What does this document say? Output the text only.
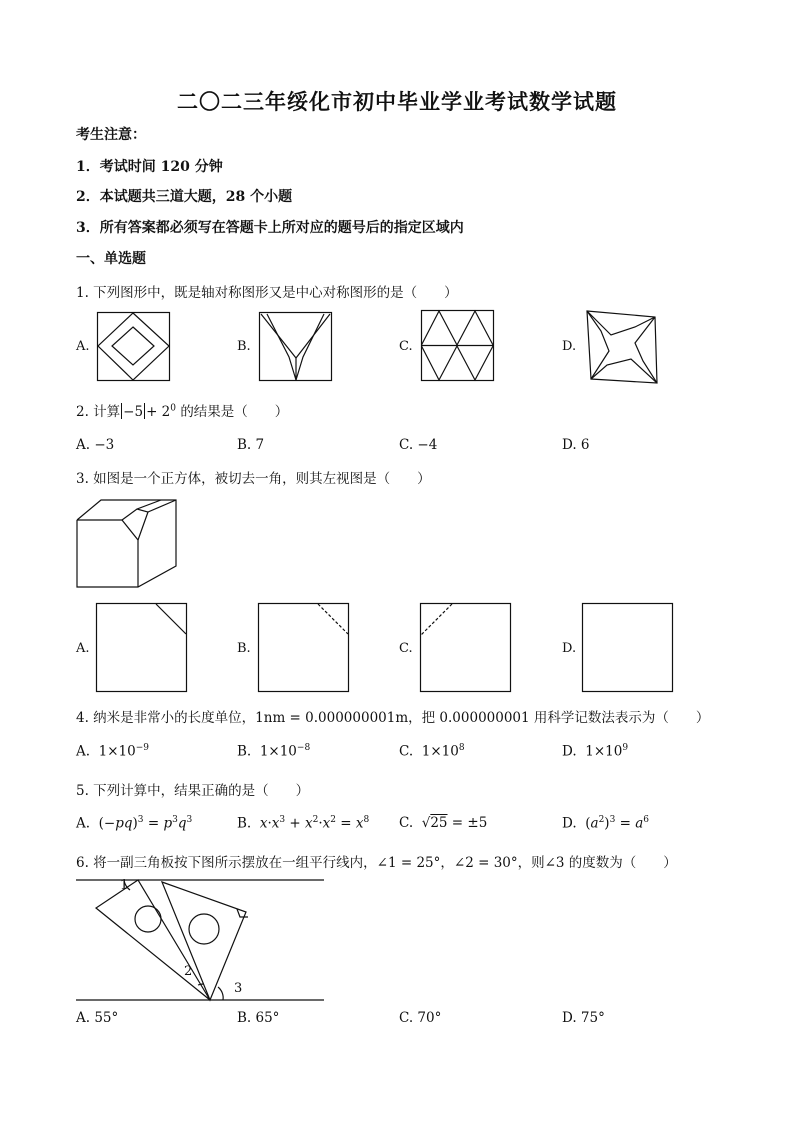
二〇二三年绥化市初中毕业学业考试数学试题
考生注意：
1．考试时间 120 分钟
2．本试题共三道大题，28 个小题
3．所有答案都必须写在答题卡上所对应的题号后的指定区域内
一、单选题
1. 下列图形中，既是轴对称图形又是中心对称图形的是（　　）
A.	B.	C.	D.
2. 计算 $-5 + 2^0$ 的结果是（　　）
A. −3	B. 7	C. −4	D. 6
3. 如图是一个正方体，被切去一角，则其左视图是（　　）
A.	B.	C.	D.
4. 纳米是非常小的长度单位，1nm = 0.000000001m，把 0.000000001 用科学记数法表示为（　　）
A. $1\times 10^{-9}$	B. $1\times 10^{-8}$	C. $1\times 10^8$	D. $1\times 10^9$
5. 下列计算中，结果正确的是（　　）
A.  $(-pq)^3 = p^3q^3$	B. $x\cdot x^3 + x^2\cdot x^2 = x^8$ C.  √25 = ±5	D.  $(a^2)^3 = a^6$
6. 将一副三角板按下图所示摆放在一组平行线内，∠1 = 25°，∠2 = 30°，则∠3 的度数为（　　）
1
2
3
A. 55°	B. 65°	C. 70°	D. 75°
